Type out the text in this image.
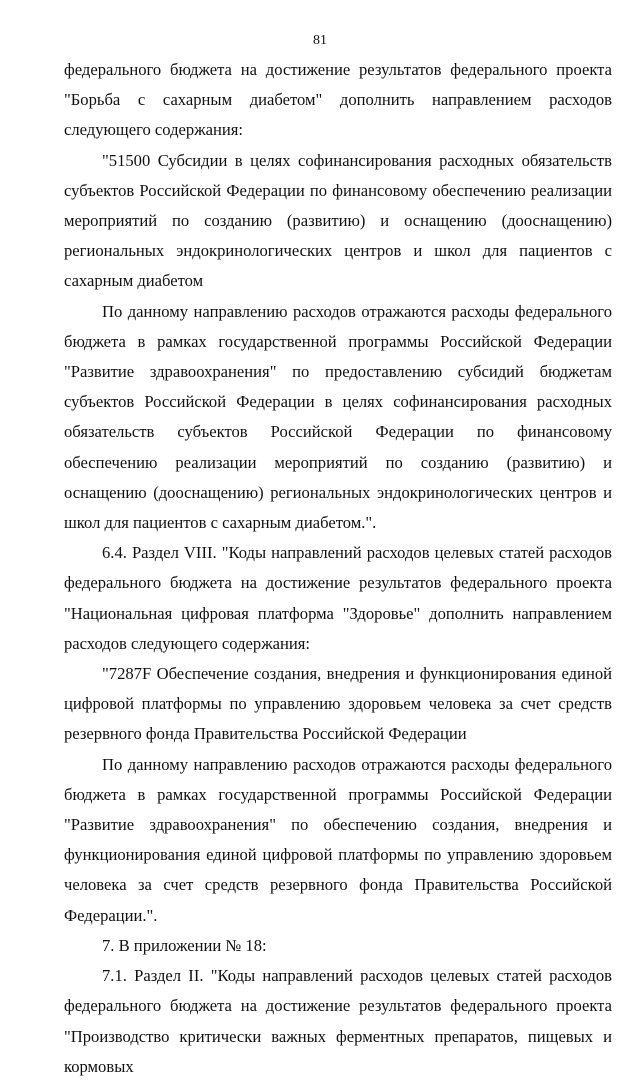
81

федерального бюджета на достижение результатов федерального проекта "Борьба с сахарным диабетом" дополнить направлением расходов следующего содержания:

"51500 Субсидии в целях софинансирования расходных обязательств субъектов Российской Федерации по финансовому обеспечению реализации мероприятий по созданию (развитию) и оснащению (дооснащению) региональных эндокринологических центров и школ для пациентов с сахарным диабетом

По данному направлению расходов отражаются расходы федерального бюджета в рамках государственной программы Российской Федерации "Развитие здравоохранения" по предоставлению субсидий бюджетам субъектов Российской Федерации в целях софинансирования расходных обязательств субъектов Российской Федерации по финансовому обеспечению реализации мероприятий по созданию (развитию) и оснащению (дооснащению) региональных эндокринологических центров и школ для пациентов с сахарным диабетом.".

6.4. Раздел VIII. "Коды направлений расходов целевых статей расходов федерального бюджета на достижение результатов федерального проекта "Национальная цифровая платформа "Здоровье" дополнить направлением расходов следующего содержания:

"7287F Обеспечение создания, внедрения и функционирования единой цифровой платформы по управлению здоровьем человека за счет средств резервного фонда Правительства Российской Федерации

По данному направлению расходов отражаются расходы федерального бюджета в рамках государственной программы Российской Федерации "Развитие здравоохранения" по обеспечению создания, внедрения и функционирования единой цифровой платформы по управлению здоровьем человека за счет средств резервного фонда Правительства Российской Федерации.".

7. В приложении № 18:

7.1. Раздел II. "Коды направлений расходов целевых статей расходов федерального бюджета на достижение результатов федерального проекта "Производство критически важных ферментных препаратов, пищевых и кормовых
